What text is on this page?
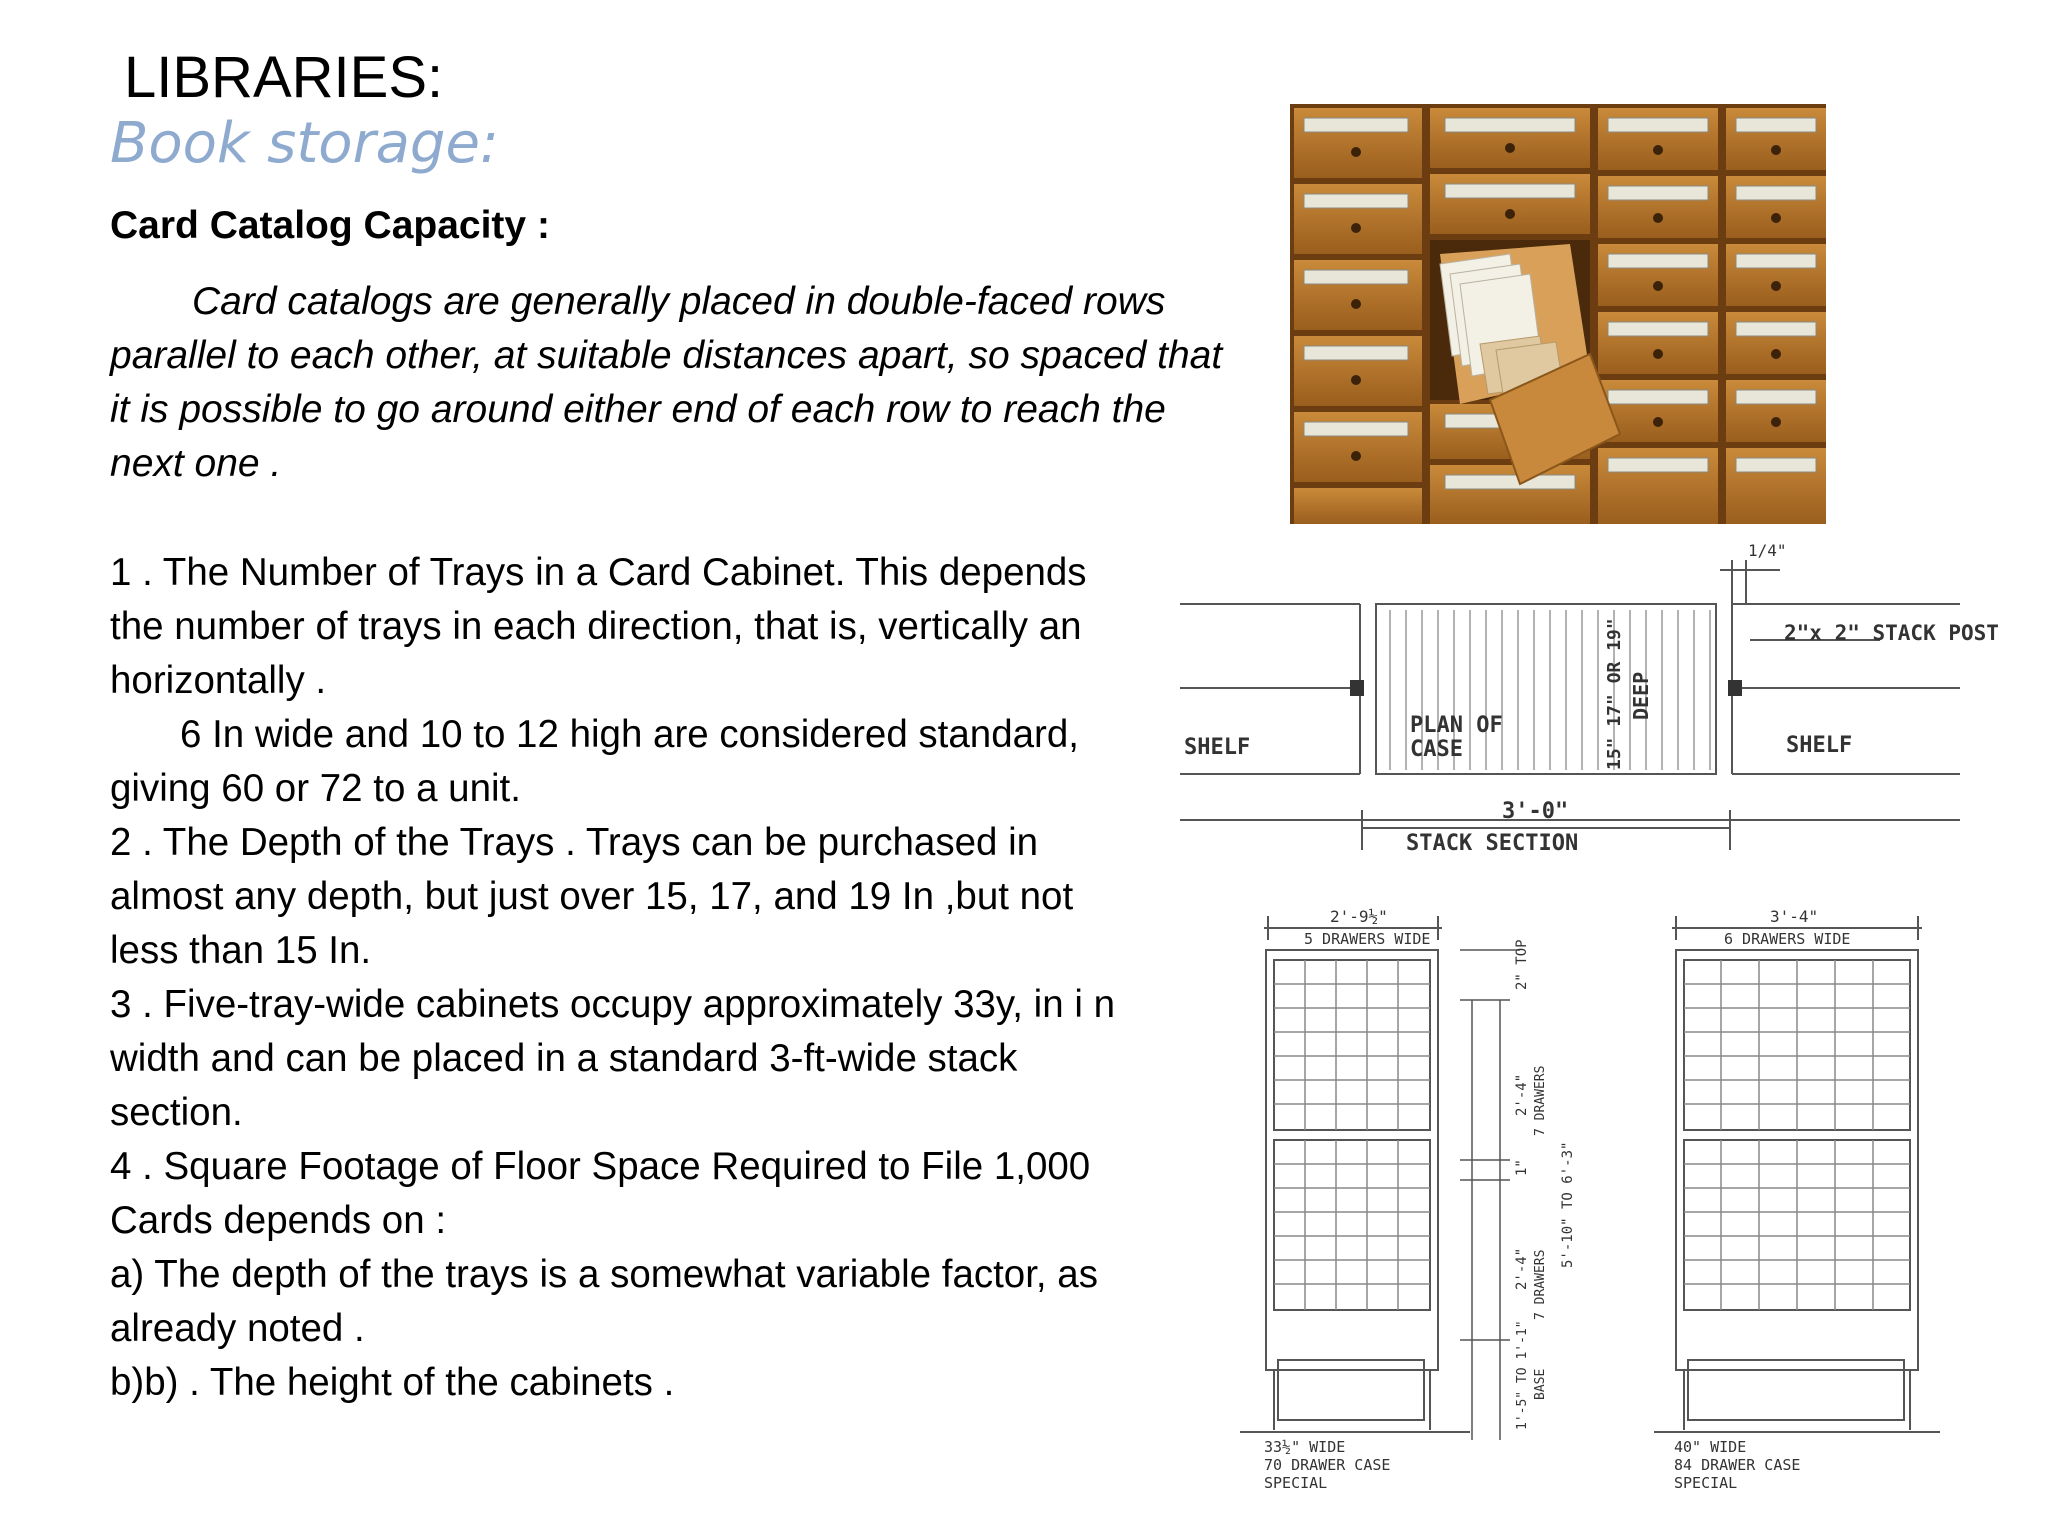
LIBRARIES:
Book storage:
Card Catalog Capacity :

Card catalogs are generally placed in double-faced rows parallel to each other, at suitable distances apart, so spaced that it is possible to go around either end of each row to reach the next one .

1 . The Number of Trays in a Card Cabinet. This depends
the number of trays in each direction, that is, vertically an
horizontally .
6 In wide and 10 to 12 high are considered standard,
giving 60 or 72 to a unit.
2 . The Depth of the Trays . Trays can be purchased in
almost any depth, but just over 15, 17, and 19 In ,but not
less than 15 In.
3 . Five-tray-wide cabinets occupy approximately 33y, in i n
width and can be placed in a standard 3-ft-wide stack
section.
4 . Square Footage of Floor Space Required to File 1,000
Cards depends on :
a) The depth of the trays is a somewhat variable factor, as
already noted .
b)b) . The height of the cabinets .
SHELF	SHELF
PLAN OF
CASE	15" 17" OR 19" DEEP
2"x 2" STACK POST
1/4"
3'-0"
STACK SECTION
2'-9½"
5 DRAWERS WIDE
33½" WIDE
70 DRAWER CASE
SPECIAL
2" TOP
2'-4" 7 DRAWERS
1"
2'-4" 7 DRAWERS
1'-5" TO 1'-1" BASE
5'-10" TO 6'-3"
3'-4"
6 DRAWERS WIDE
40" WIDE
84 DRAWER CASE
SPECIAL
